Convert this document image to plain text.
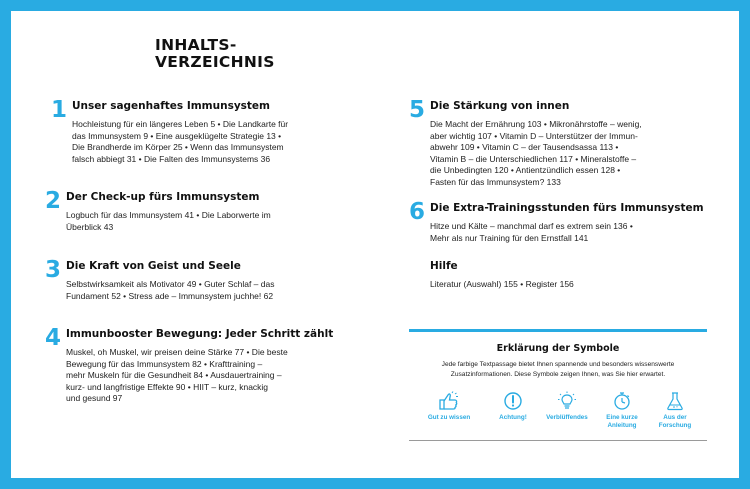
INHALTS-
VERZEICHNIS
1 Unser sagenhaftes Immunsystem
Hochleistung für ein längeres Leben 5 • Die Landkarte für
das Immunsystem 9 • Eine ausgeklügelte Strategie 13 •
Die Brandherde im Körper 25 • Wenn das Immunsystem
falsch abbiegt 31 • Die Falten des Immunsystems 36
2 Der Check-up fürs Immunsystem
Logbuch für das Immunsystem 41 • Die Laborwerte im
Überblick 43
3 Die Kraft von Geist und Seele
Selbstwirksamkeit als Motivator 49 • Guter Schlaf – das
Fundament 52 • Stress ade – Immunsystem juchhe! 62
4 Immunbooster Bewegung: Jeder Schritt zählt
Muskel, oh Muskel, wir preisen deine Stärke 77 • Die beste
Bewegung für das Immunsystem 82 • Krafttraining –
mehr Muskeln für die Gesundheit 84 • Ausdauertraining –
kurz- und langfristige Effekte 90 • HIIT – kurz, knackig
und gesund 97
5 Die Stärkung von innen
Die Macht der Ernährung 103 • Mikronährstoffe – wenig,
aber wichtig 107 • Vitamin D – Unterstützer der Immun-
abwehr 109 • Vitamin C – der Tausendsassa 113 •
Vitamin B – die Unterschiedlichen 117 • Mineralstoffe –
die Unbedingten 120 • Antientzündlich essen 128 •
Fasten für das Immunsystem? 133
6 Die Extra-Trainingsstunden fürs Immunsystem
Hitze und Kälte – manchmal darf es extrem sein 136 •
Mehr als nur Training für den Ernstfall 141
Hilfe
Literatur (Auswahl) 155 • Register 156
Erklärung der Symbole
Jede farbige Textpassage bietet Ihnen spannende und besonders wissenswerte
Zusatzinformationen. Diese Symbole zeigen Ihnen, was Sie hier erwartet.
Gut zu wissen	Achtung!	Verblüffendes	Eine kurze
Anleitung
Aus der
Forschung
